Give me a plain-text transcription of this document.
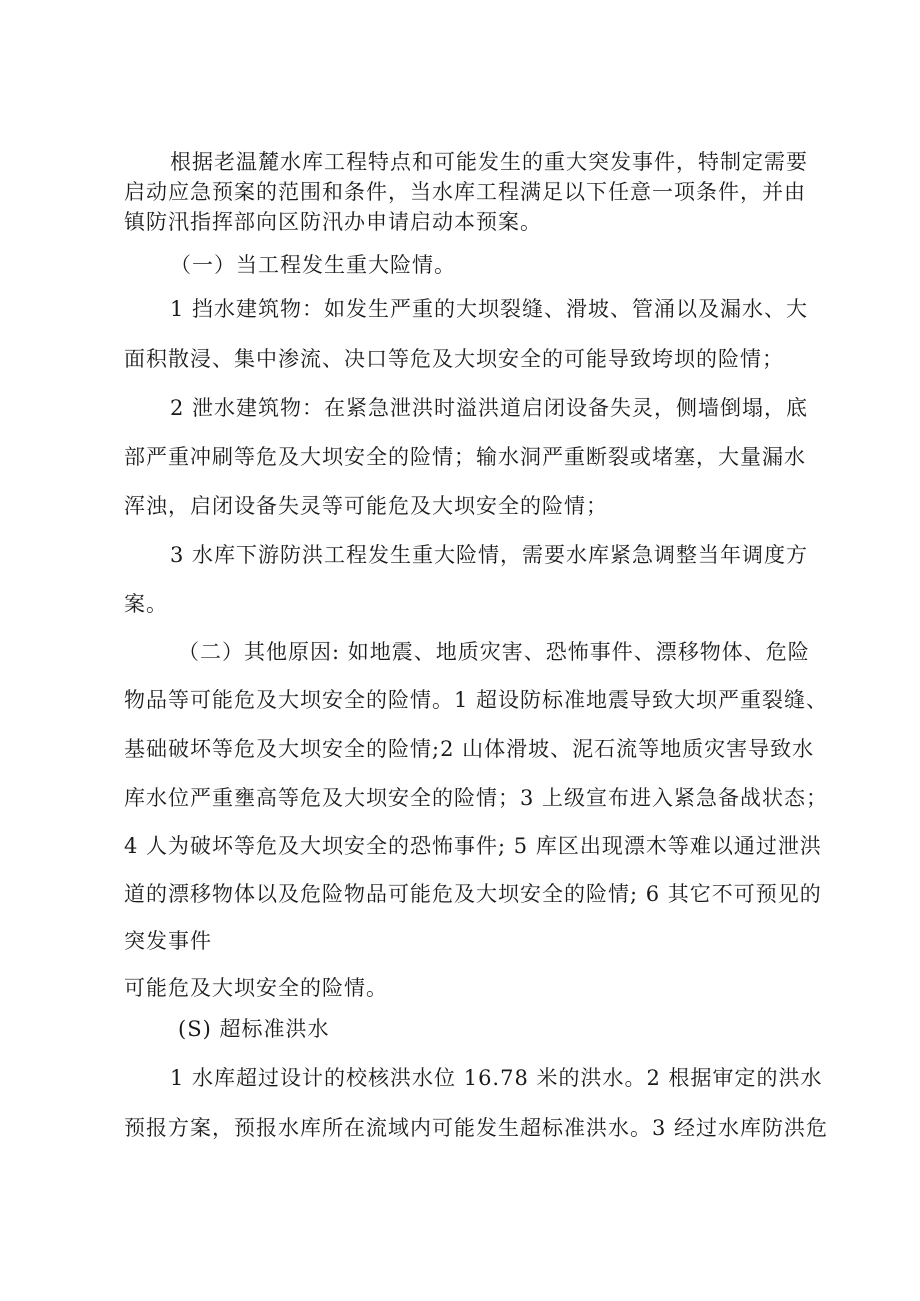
根据老温麓水库工程特点和可能发生的重大突发事件，特制定需要

启动应急预案的范围和条件，当水库工程满足以下任意一项条件，并由

镇防汛指挥部向区防汛办申请启动本预案。

（一）当工程发生重大险情。

1 挡水建筑物：如发生严重的大坝裂缝、滑坡、管涌以及漏水、大

面积散浸、集中渗流、决口等危及大坝安全的可能导致垮坝的险情；

2 泄水建筑物：在紧急泄洪时溢洪道启闭设备失灵，侧墙倒塌，底

部严重冲刷等危及大坝安全的险情；输水洞严重断裂或堵塞，大量漏水

浑浊，启闭设备失灵等可能危及大坝安全的险情；

3 水库下游防洪工程发生重大险情，需要水库紧急调整当年调度方

案。

（二）其他原因: 如地震、地质灾害、恐怖事件、漂移物体、危险

物品等可能危及大坝安全的险情。1 超设防标准地震导致大坝严重裂缝、

基础破坏等危及大坝安全的险情;2 山体滑坡、泥石流等地质灾害导致水

库水位严重壅高等危及大坝安全的险情；3 上级宣布进入紧急备战状态；

4 人为破坏等危及大坝安全的恐怖事件; 5 库区出现漂木等难以通过泄洪

道的漂移物体以及危险物品可能危及大坝安全的险情; 6 其它不可预见的

突发事件

可能危及大坝安全的险情。

(S) 超标准洪水

1 水库超过设计的校核洪水位 16.78 米的洪水。2 根据审定的洪水

预报方案，预报水库所在流域内可能发生超标准洪水。3 经过水库防洪危
